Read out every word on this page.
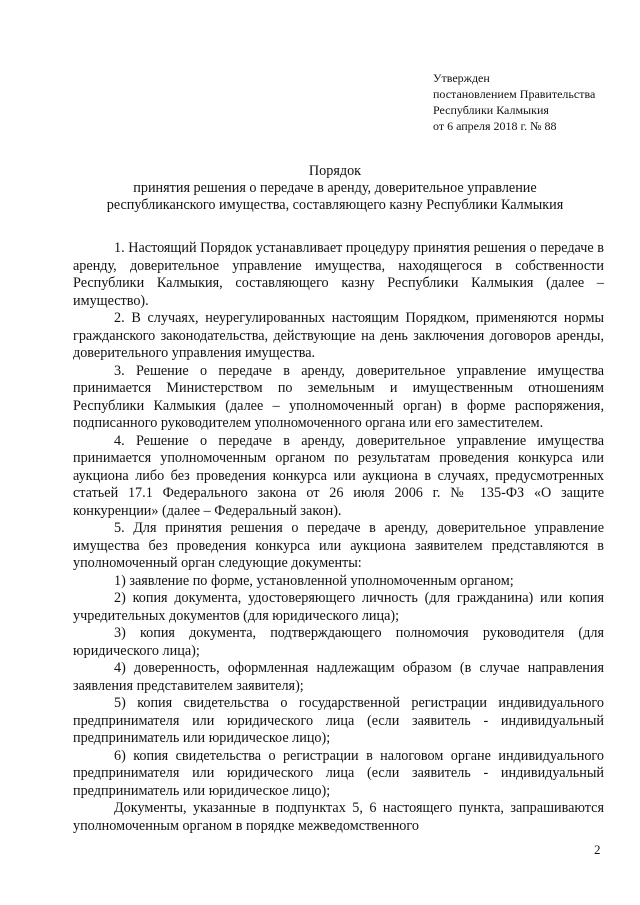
Утвержден
постановлением Правительства
Республики Калмыкия
от 6 апреля 2018 г. № 88
Порядок
принятия решения о передаче в аренду, доверительное управление
республиканского имущества, составляющего казну Республики Калмыкия

1. Настоящий Порядок устанавливает процедуру принятия решения о передаче в аренду, доверительное управление имущества, находящегося в собственности Республики Калмыкия, составляющего казну Республики Калмыкия (далее – имущество).

2. В случаях, неурегулированных настоящим Порядком, применяются нормы гражданского законодательства, действующие на день заключения договоров аренды, доверительного управления имущества.

3. Решение о передаче в аренду, доверительное управление имущества принимается Министерством по земельным и имущественным отношениям Республики Калмыкия (далее – уполномоченный орган) в форме распоряжения, подписанного руководителем уполномоченного органа или его заместителем.

4. Решение о передаче в аренду, доверительное управление имущества принимается уполномоченным органом по результатам проведения конкурса или аукциона либо без проведения конкурса или аукциона в случаях, предусмотренных статьей 17.1 Федерального закона от 26 июля 2006 г. № 135-ФЗ «О защите конкуренции» (далее – Федеральный закон).

5. Для принятия решения о передаче в аренду, доверительное управление имущества без проведения конкурса или аукциона заявителем представляются в уполномоченный орган следующие документы:

1) заявление по форме, установленной уполномоченным органом;

2) копия документа, удостоверяющего личность (для гражданина) или копия учредительных документов (для юридического лица);

3) копия документа, подтверждающего полномочия руководителя (для юридического лица);

4) доверенность, оформленная надлежащим образом (в случае направления заявления представителем заявителя);

5) копия свидетельства о государственной регистрации индивидуального предпринимателя или юридического лица (если заявитель - индивидуальный предприниматель или юридическое лицо);

6) копия свидетельства о регистрации в налоговом органе индивидуального предпринимателя или юридического лица (если заявитель - индивидуальный предприниматель или юридическое лицо);

Документы, указанные в подпунктах 5, 6 настоящего пункта, запрашиваются уполномоченным органом в порядке межведомственного

2
